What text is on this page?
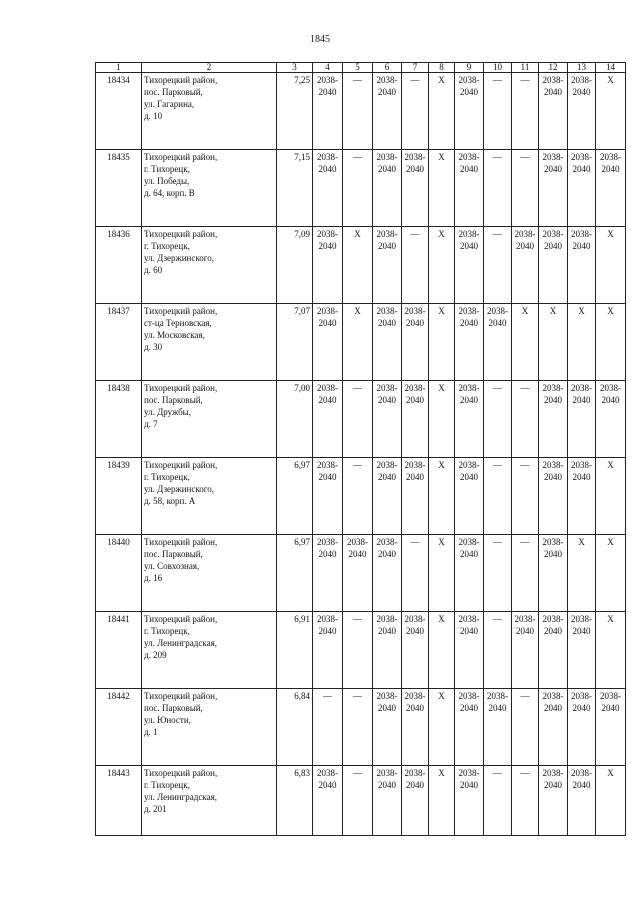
1845
1	2	3	4	5	6	7	8	9	10	11	12	13	14
18434	Тихорецкий район,
пос. Парковый,
ул. Гагарина,
д. 10	7,25	2038-
2040	—	2038-
2040	—	X	2038-
2040	—	—	2038-
2040	2038-
2040	X
18435	Тихорецкий район,
г. Тихорецк,
ул. Победы,
д. 64, корп. В	7,15	2038-
2040	—	2038-
2040	2038-
2040	X	2038-
2040	—	—	2038-
2040	2038-
2040	2038-
2040
18436	Тихорецкий район,
г. Тихорецк,
ул. Дзержинского,
д. 60	7,09	2038-
2040	X	2038-
2040	—	X	2038-
2040	—	2038-
2040	2038-
2040	2038-
2040	X
18437	Тихорецкий район,
ст-ца Терновская,
ул. Московская,
д. 30	7,07	2038-
2040	X	2038-
2040	2038-
2040	X	2038-
2040	2038-
2040	X	X	X	X
18438	Тихорецкий район,
пос. Парковый,
ул. Дружбы,
д. 7	7,00	2038-
2040	—	2038-
2040	2038-
2040	X	2038-
2040	—	—	2038-
2040	2038-
2040	2038-
2040
18439	Тихорецкий район,
г. Тихорецк,
ул. Дзержинского,
д. 58, корп. А	6,97	2038-
2040	—	2038-
2040	2038-
2040	X	2038-
2040	—	—	2038-
2040	2038-
2040	X
18440	Тихорецкий район,
пос. Парковый,
ул. Совхозная,
д. 16	6,97	2038-
2040	2038-
2040	2038-
2040	—	X	2038-
2040	—	—	2038-
2040	X	X
18441	Тихорецкий район,
г. Тихорецк,
ул. Ленинградская,
д. 209	6,91	2038-
2040	—	2038-
2040	2038-
2040	X	2038-
2040	—	2038-
2040	2038-
2040	2038-
2040	X
18442	Тихорецкий район,
пос. Парковый,
ул. Юности,
д. 1	6,84	—	—	2038-
2040	2038-
2040	X	2038-
2040	2038-
2040	—	2038-
2040	2038-
2040	2038-
2040
18443	Тихорецкий район,
г. Тихорецк,
ул. Ленинградская,
д. 201	6,83	2038-
2040	—	2038-
2040	2038-
2040	X	2038-
2040	—	—	2038-
2040	2038-
2040	X
